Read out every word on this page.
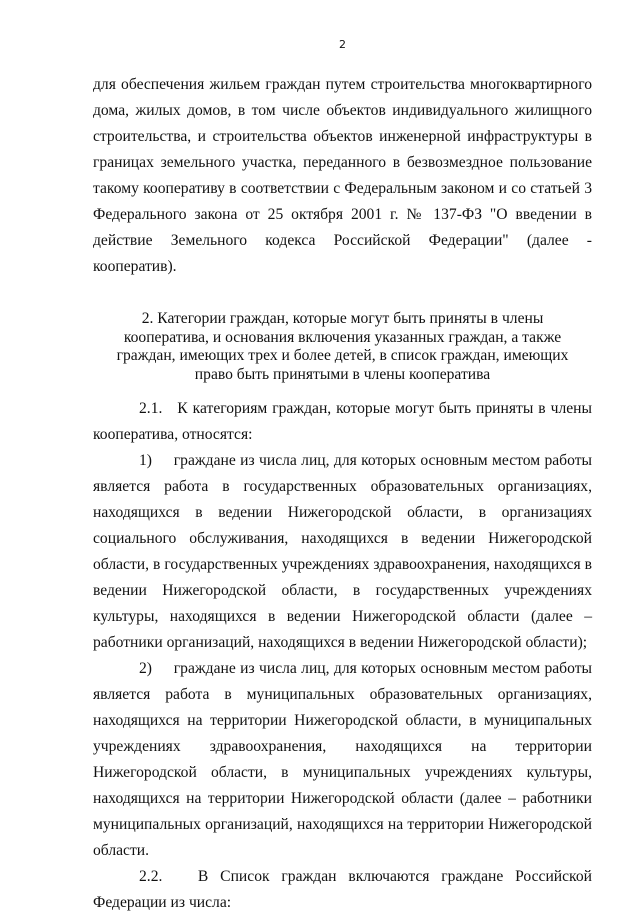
2

для обеспечения жильем граждан путем строительства многоквартирного дома, жилых домов, в том числе объектов индивидуального жилищного строительства, и строительства объектов инженерной инфраструктуры в границах земельного участка, переданного в безвозмездное пользование такому кооперативу в соответствии с Федеральным законом и со статьей 3 Федерального закона от 25 октября 2001 г. № 137-ФЗ "О введении в действие Земельного кодекса Российской Федерации" (далее - кооператив).

2. Категории граждан, которые могут быть приняты в члены кооператива, и основания включения указанных граждан, а также граждан, имеющих трех и более детей, в список граждан, имеющих право быть принятыми в члены кооператива

2.1.   К категориям граждан, которые могут быть приняты в члены кооператива, относятся:

1)     граждане из числа лиц, для которых основным местом работы является работа в государственных образовательных организациях, находящихся в ведении Нижегородской области, в организациях социального обслуживания, находящихся в ведении Нижегородской области, в государственных учреждениях здравоохранения, находящихся в ведении Нижегородской области, в государственных учреждениях культуры, находящихся в ведении Нижегородской области (далее – работники организаций, находящихся в ведении Нижегородской области);

2)     граждане из числа лиц, для которых основным местом работы является работа в муниципальных образовательных организациях, находящихся на территории Нижегородской области, в муниципальных учреждениях здравоохранения, находящихся на территории Нижегородской области, в муниципальных учреждениях культуры, находящихся на территории Нижегородской области (далее – работники муниципальных организаций, находящихся на территории Нижегородской области.

2.2.   В Список граждан включаются граждане Российской Федерации из числа:
